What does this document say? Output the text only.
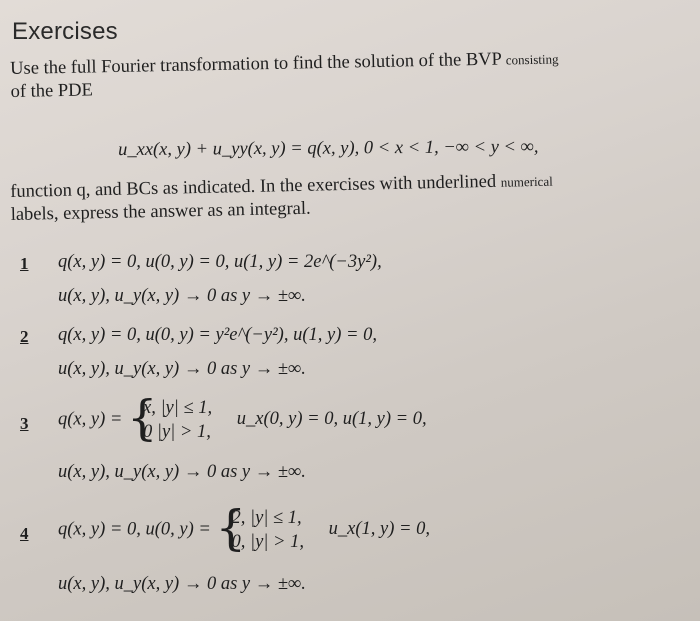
Exercises
Use the full Fourier transformation to find the solution of the BVP consisting
of the PDE
u_xx(x, y) + u_yy(x, y) = q(x, y), 0 < x < 1, −∞ < y < ∞,
function q, and BCs as indicated. In the exercises with underlined numerical
labels, express the answer as an integral.
1 q(x, y) = 0, u(0, y) = 0, u(1, y) = 2e^(−3y²),
u(x, y), u_y(x, y) → 0 as y → ±∞.
2 q(x, y) = 0, u(0, y) = y²e^(−y²), u(1, y) = 0,
u(x, y), u_y(x, y) → 0 as y → ±∞.
3 q(x, y) =
{ x, |y| ≤ 1,
0 |y| > 1,
u_x(0, y) = 0, u(1, y) = 0,
u(x, y), u_y(x, y) → 0 as y → ±∞.
4 q(x, y) = 0, u(0, y) =
{ 2, |y| ≤ 1,
0, |y| > 1,
u_x(1, y) = 0,
u(x, y), u_y(x, y) → 0 as y → ±∞.
